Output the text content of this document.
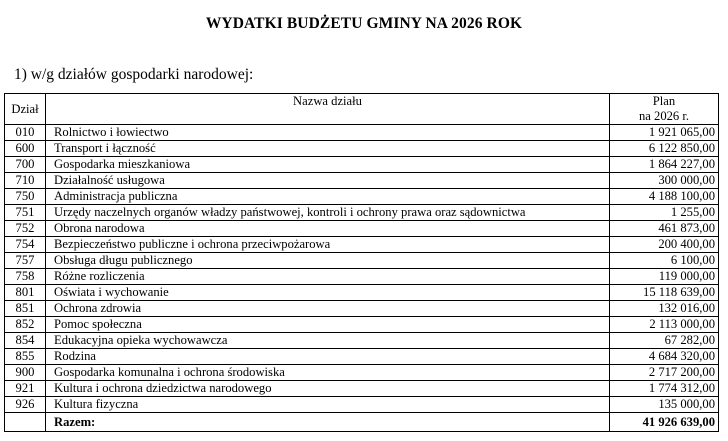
WYDATKI BUDŻETU GMINY NA 2026 ROK
1) w/g działów gospodarki narodowej:
Dział	Nazwa działu	Plan
na 2026 r.

010	Rolnictwo i łowiectwo	1 921 065,00
600	Transport i łączność	6 122 850,00
700	Gospodarka mieszkaniowa	1 864 227,00
710	Działalność usługowa	300 000,00
750	Administracja publiczna	4 188 100,00
751	Urzędy naczelnych organów władzy państwowej, kontroli i ochrony prawa oraz sądownictwa	1 255,00
752	Obrona narodowa	461 873,00
754	Bezpieczeństwo publiczne i ochrona przeciwpożarowa	200 400,00
757	Obsługa długu publicznego	6 100,00
758	Różne rozliczenia	119 000,00
801	Oświata i wychowanie	15 118 639,00
851	Ochrona zdrowia	132 016,00
852	Pomoc społeczna	2 113 000,00
854	Edukacyjna opieka wychowawcza	67 282,00
855	Rodzina	4 684 320,00
900	Gospodarka komunalna i ochrona środowiska	2 717 200,00
921	Kultura i ochrona dziedzictwa narodowego	1 774 312,00
926	Kultura fizyczna	135 000,00
	Razem:	41 926 639,00
